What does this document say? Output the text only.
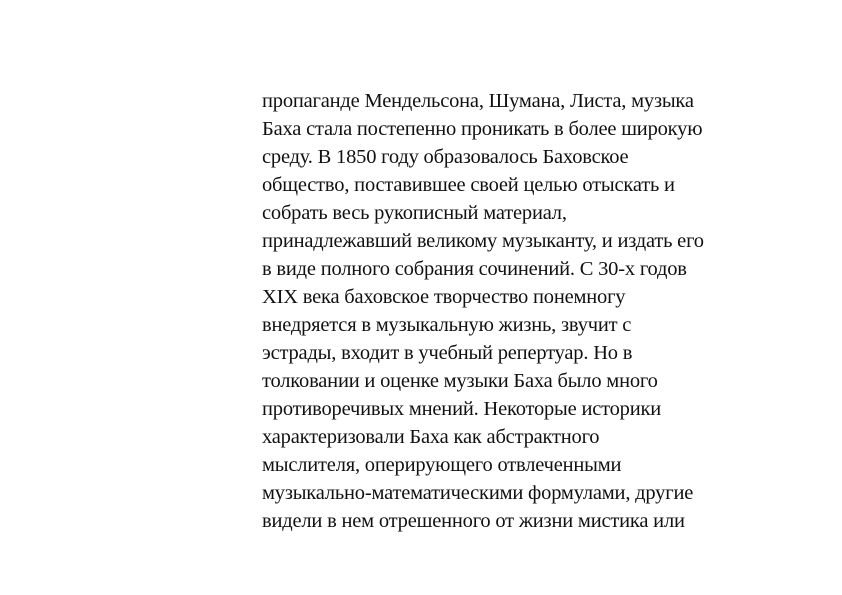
пропаганде Мендельсона, Шумана, Листа, музыка
Баха стала постепенно проникать в более широкую
среду. В 1850 году образовалось Баховское
общество, поставившее своей целью отыскать и
собрать весь рукописный материал,
принадлежавший великому музыканту, и издать его
в виде полного собрания сочинений. С 30-х годов
XIX века баховское творчество понемногу
внедряется в музыкальную жизнь, звучит с
эстрады, входит в учебный репертуар. Но в
толковании и оценке музыки Баха было много
противоречивых мнений. Некоторые историки
характеризовали Баха как абстрактного
мыслителя, оперирующего отвлеченными
музыкально-математическими формулами, другие
видели в нем отрешенного от жизни мистика или
